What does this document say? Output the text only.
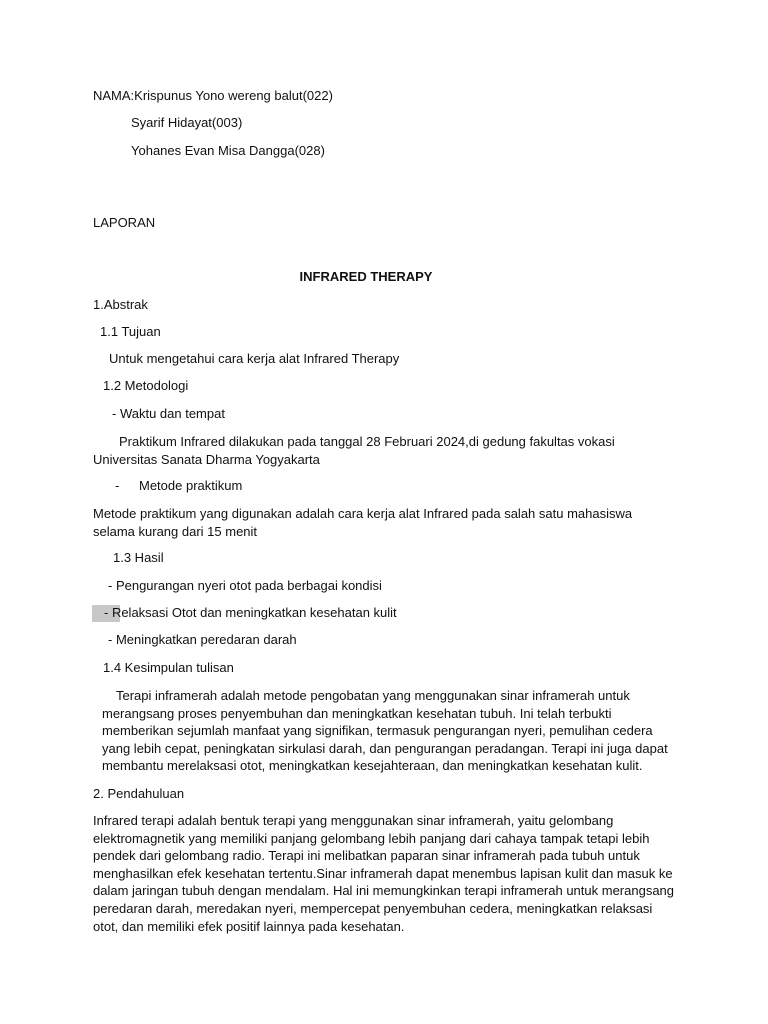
NAMA:Krispunus Yono wereng balut(022)
Syarif Hidayat(003)
Yohanes Evan Misa Dangga(028)
LAPORAN
INFRARED THERAPY
1.Abstrak
1.1 Tujuan
Untuk mengetahui cara kerja alat Infrared Therapy
1.2 Metodologi
- Waktu dan tempat
Praktikum Infrared dilakukan pada tanggal 28 Februari 2024,di gedung fakultas vokasi Universitas Sanata Dharma Yogyakarta
- Metode praktikum
Metode praktikum yang digunakan adalah cara kerja alat Infrared pada salah satu mahasiswa selama kurang dari 15 menit
1.3 Hasil
- Pengurangan nyeri otot pada berbagai kondisi
- Relaksasi Otot dan meningkatkan kesehatan kulit
- Meningkatkan peredaran darah
1.4 Kesimpulan tulisan
Terapi inframerah adalah metode pengobatan yang menggunakan sinar inframerah untuk merangsang proses penyembuhan dan meningkatkan kesehatan tubuh. Ini telah terbukti memberikan sejumlah manfaat yang signifikan, termasuk pengurangan nyeri, pemulihan cedera yang lebih cepat, peningkatan sirkulasi darah, dan pengurangan peradangan. Terapi ini juga dapat membantu merelaksasi otot, meningkatkan kesejahteraan, dan meningkatkan kesehatan kulit.
2. Pendahuluan
Infrared terapi adalah bentuk terapi yang menggunakan sinar inframerah, yaitu gelombang elektromagnetik yang memiliki panjang gelombang lebih panjang dari cahaya tampak tetapi lebih pendek dari gelombang radio. Terapi ini melibatkan paparan sinar inframerah pada tubuh untuk menghasilkan efek kesehatan tertentu.Sinar inframerah dapat menembus lapisan kulit dan masuk ke dalam jaringan tubuh dengan mendalam. Hal ini memungkinkan terapi inframerah untuk merangsang peredaran darah, meredakan nyeri, mempercepat penyembuhan cedera, meningkatkan relaksasi otot, dan memiliki efek positif lainnya pada kesehatan.
